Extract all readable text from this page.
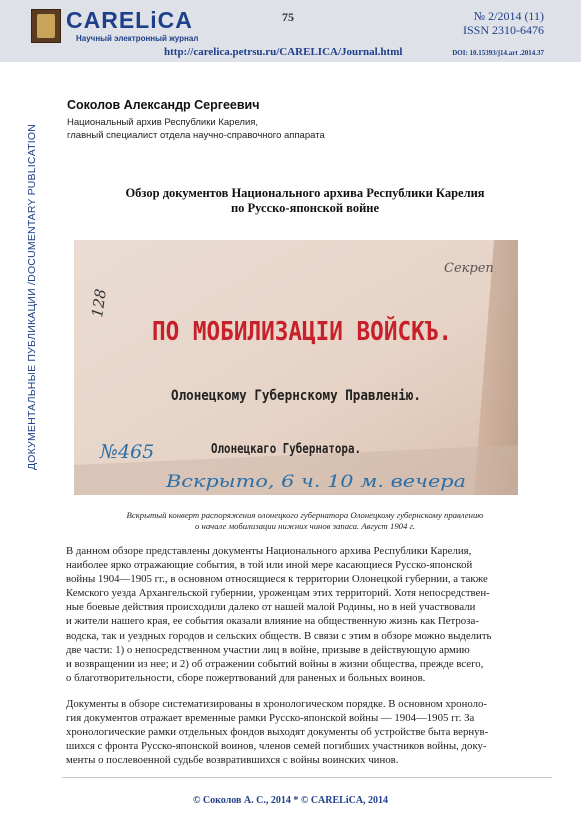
CARELiCA
Научный электронный журнал
75	№ 2/2014 (11)
ISSN 2310-6476
http://carelica.petrsu.ru/CARELICA/Journal.html	DOI: 10.15393/j14.art .2014.37
ДОКУМЕНТАЛЬНЫЕ ПУБЛИКАЦИИ /DOCUMENTARY PUBLICATION
Соколов Александр Сергеевич
Национальный архив Республики Карелия,
главный специалист отдела научно-справочного аппарата
Обзор документов Национального архива Республики Карелия
по Русско-японской войне
Секреп
128
ПО МОБИЛИЗАЦІИ ВОЙСКЪ.
Олонецкому Губернскому Правленію.
Олонецкаго Губернатора.
№465
Вскрыто, 6 ч. 10 м. вечера
Вскрытый конверт распоряжения олонецкого губернатора Олонецкому губернскому правлению
о начале мобилизации нижних чинов запаса. Август 1904 г.
В данном обзоре представлены документы Национального архива Республики Карелия,
наиболее ярко отражающие события, в той или иной мере касающиеся Русско-японской
войны 1904—1905 гг., в основном относящиеся к территории Олонецкой губернии, а также
Кемского уезда Архангельской губернии, уроженцам этих территорий. Хотя непосредствен-
ные боевые действия происходили далеко от нашей малой Родины, но в ней участвовали
и жители нашего края, ее события оказали влияние на общественную жизнь как Петроза-
водска, так и уездных городов и сельских обществ. В связи с этим в обзоре можно выделить
две части: 1) о непосредственном участии лиц в войне, призыве в действующую армию
и возвращении из нее; и 2) об отражении событий войны в жизни общества, прежде всего,
о благотворительности, сборе пожертвований для раненых и больных воинов.
Документы в обзоре систематизированы в хронологическом порядке. В основном хроноло-
гия документов отражает временные рамки Русско-японской войны — 1904—1905 гг. За
хронологические рамки отдельных фондов выходят документы об устройстве быта вернув-
шихся с фронта Русско-японской воинов, членов семей погибших участников войны, доку-
менты о послевоенной судьбе возвратившихся с войны воинских чинов.
© Соколов А. С., 2014 * © CARELiCA, 2014
